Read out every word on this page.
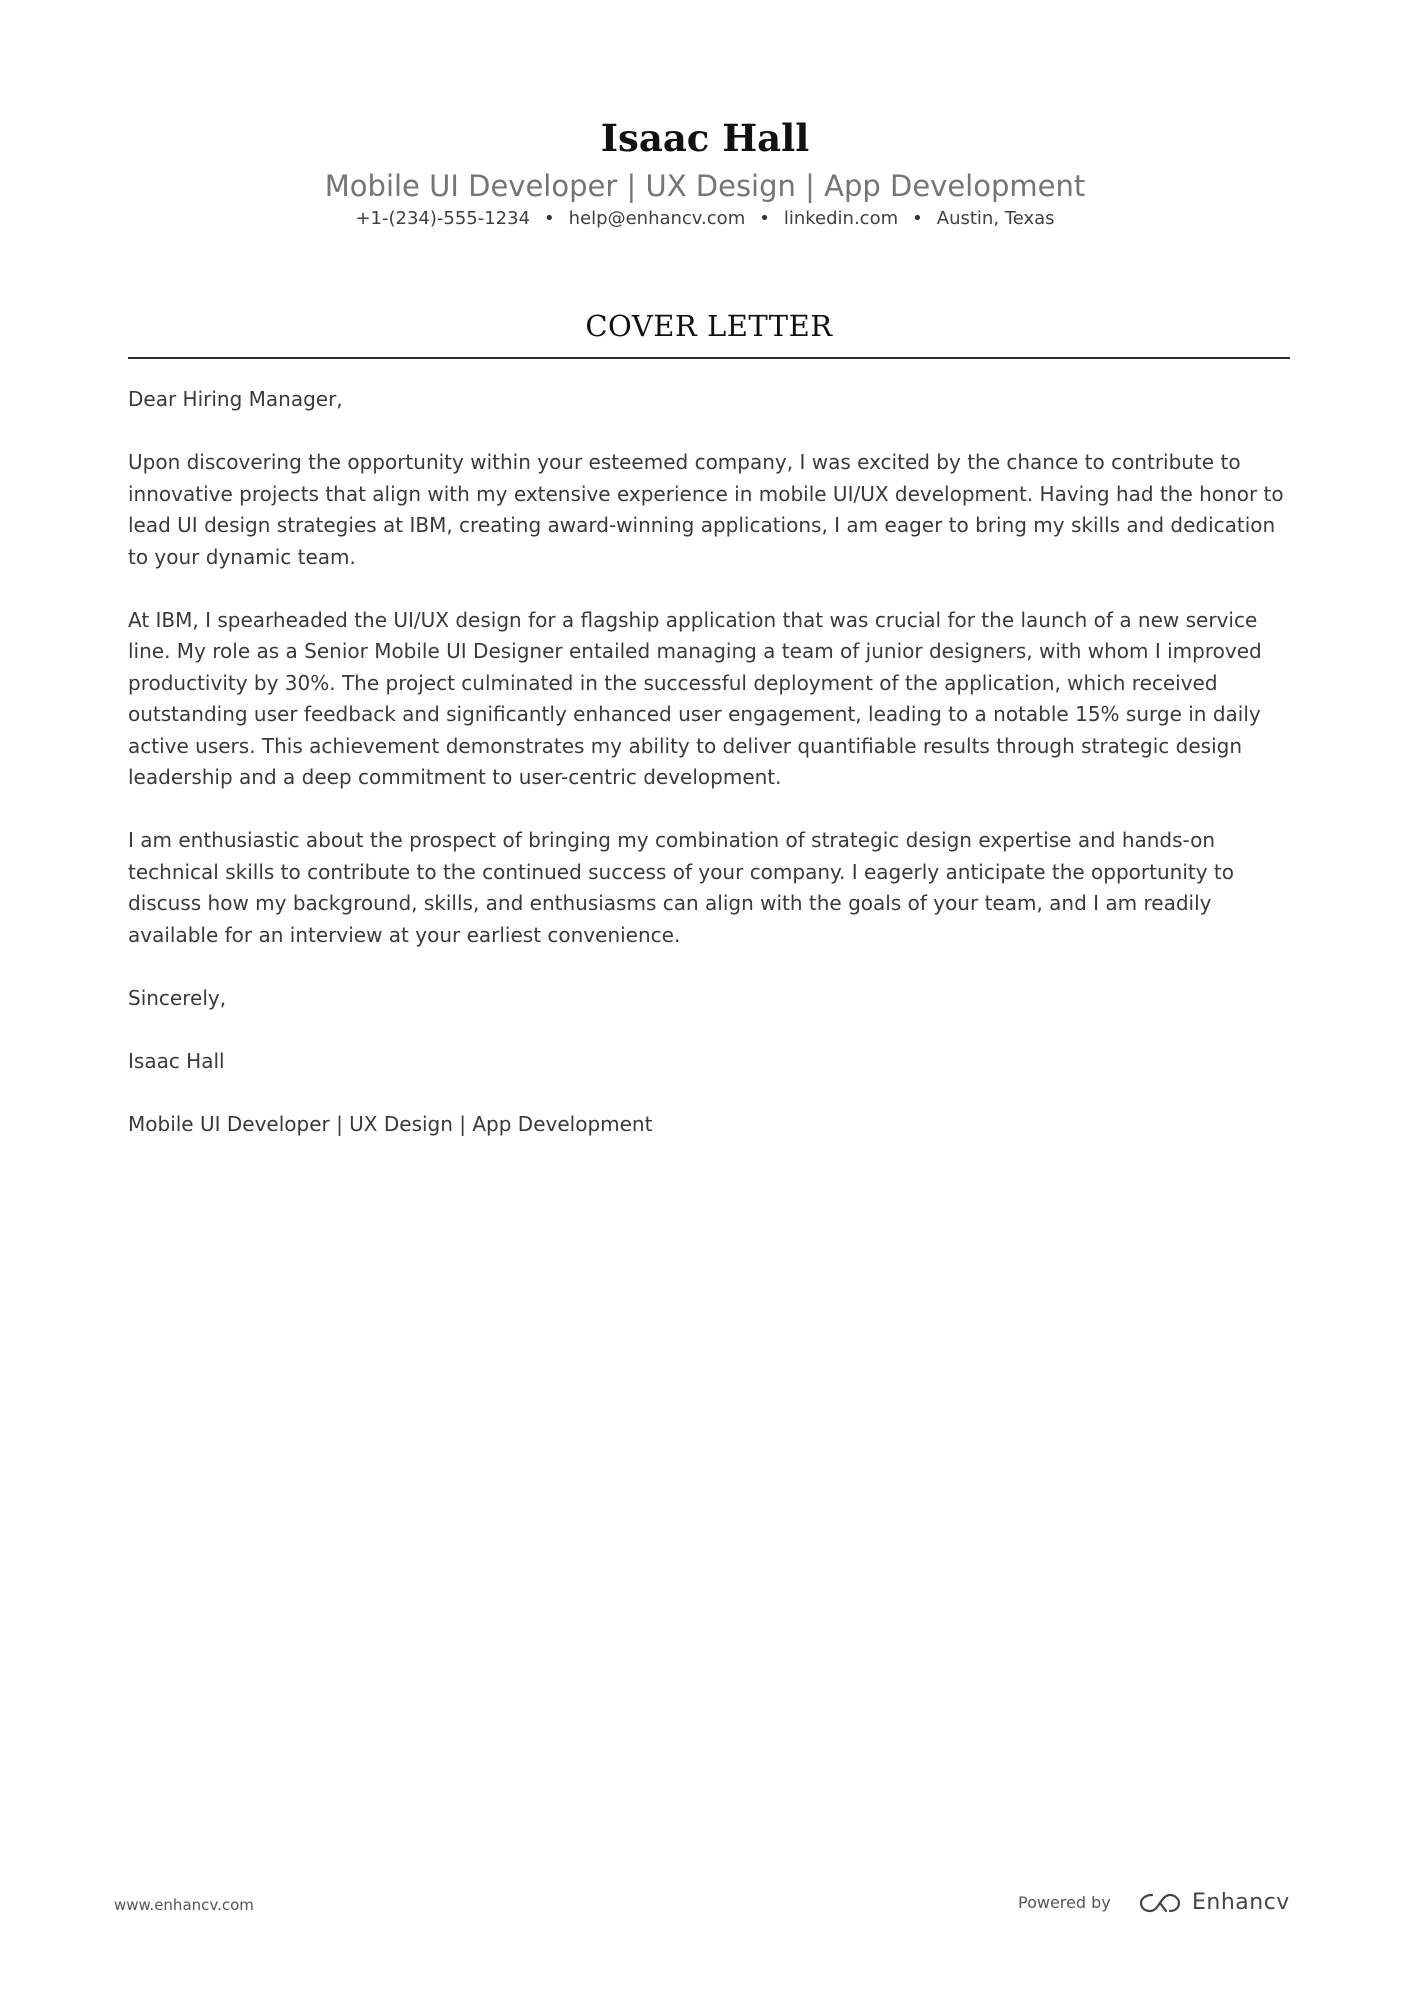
Isaac Hall
Mobile UI Developer | UX Design | App Development
+1-(234)-555-1234 • help@enhancv.com • linkedin.com • Austin, Texas
COVER LETTER

Dear Hiring Manager,

Upon discovering the opportunity within your esteemed company, I was excited by the chance to contribute to innovative projects that align with my extensive experience in mobile UI/UX development. Having had the honor to lead UI design strategies at IBM, creating award-winning applications, I am eager to bring my skills and dedication to your dynamic team.

At IBM, I spearheaded the UI/UX design for a flagship application that was crucial for the launch of a new service line. My role as a Senior Mobile UI Designer entailed managing a team of junior designers, with whom I improved productivity by 30%. The project culminated in the successful deployment of the application, which received outstanding user feedback and significantly enhanced user engagement, leading to a notable 15% surge in daily active users. This achievement demonstrates my ability to deliver quantifiable results through strategic design leadership and a deep commitment to user-centric development.

I am enthusiastic about the prospect of bringing my combination of strategic design expertise and hands-on technical skills to contribute to the continued success of your company. I eagerly anticipate the opportunity to discuss how my background, skills, and enthusiasms can align with the goals of your team, and I am readily available for an interview at your earliest convenience.

Sincerely,

Isaac Hall

Mobile UI Developer | UX Design | App Development

www.enhancv.com	Powered by	Enhancv
